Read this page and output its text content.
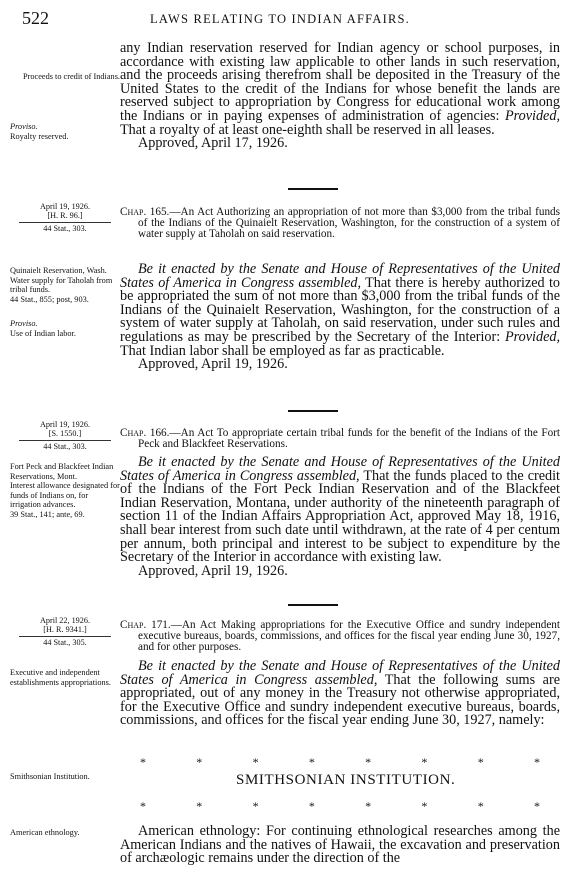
522	LAWS RELATING TO INDIAN AFFAIRS.
Proceeds to credit of Indians.
Proviso.
Royalty reserved.

any Indian reservation reserved for Indian agency or school purposes, in accordance with existing law applicable to other lands in such reservation, and the proceeds arising therefrom shall be deposited in the Treasury of the United States to the credit of the Indians for whose benefit the lands are reserved subject to appropriation by Congress for educational work among the Indians or in paying expenses of administration of agencies: Provided, That a royalty of at least one-eighth shall be reserved in all leases.

Approved, April 17, 1926.

April 19, 1926.
[H. R. 96.]
44 Stat., 303.

Chap. 165.—An Act Authorizing an appropriation of not more than $3,000 from the tribal funds of the Indians of the Quinaielt Reservation, Washington, for the construction of a system of water supply at Taholah on said reservation.

Quinaielt Reservation, Wash.
Water supply for Taholah from tribal funds.
44 Stat., 855; post, 903.
Proviso.
Use of Indian labor.

Be it enacted by the Senate and House of Representatives of the United States of America in Congress assembled, That there is hereby authorized to be appropriated the sum of not more than $3,000 from the tribal funds of the Indians of the Quinaielt Reservation, Washington, for the construction of a system of water supply at Taholah, on said reservation, under such rules and regulations as may be prescribed by the Secretary of the Interior: Provided, That Indian labor shall be employed as far as practicable.

Approved, April 19, 1926.

April 19, 1926.
[S. 1550.]
44 Stat., 303.

Chap. 166.—An Act To appropriate certain tribal funds for the benefit of the Indians of the Fort Peck and Blackfeet Reservations.

Fort Peck and Blackfeet Indian Reservations, Mont.
Interest allowance designated for funds of Indians on, for irrigation advances.
39 Stat., 141; ante, 69.

Be it enacted by the Senate and House of Representatives of the United States of America in Congress assembled, That the funds placed to the credit of the Indians of the Fort Peck Indian Reservation and of the Blackfeet Indian Reservation, Montana, under authority of the nineteenth paragraph of section 11 of the Indian Affairs Appropriation Act, approved May 18, 1916, shall bear interest from such date until withdrawn, at the rate of 4 per centum per annum, both principal and interest to be subject to expenditure by the Secretary of the Interior in accordance with existing law.

Approved, April 19, 1926.

April 22, 1926.
[H. R. 9341.]
44 Stat., 305.

Chap. 171.—An Act Making appropriations for the Executive Office and sundry independent executive bureaus, boards, commissions, and offices for the fiscal year ending June 30, 1927, and for other purposes.

Executive and independent establishments appropriations.

Be it enacted by the Senate and House of Representatives of the United States of America in Congress assembled, That the following sums are appropriated, out of any money in the Treasury not otherwise appropriated, for the Executive Office and sundry independent executive bureaus, boards, commissions, and offices for the fiscal year ending June 30, 1927, namely:

*	*	*	*	*	*	*	*
Smithsonian Institution.	SMITHSONIAN INSTITUTION.
*	*	*	*	*	*	*	*
American ethnology.	American ethnology: For continuing ethnological researches among the American Indians and the natives of Hawaii, the excavation and preservation of archæologic remains under the direction of the
